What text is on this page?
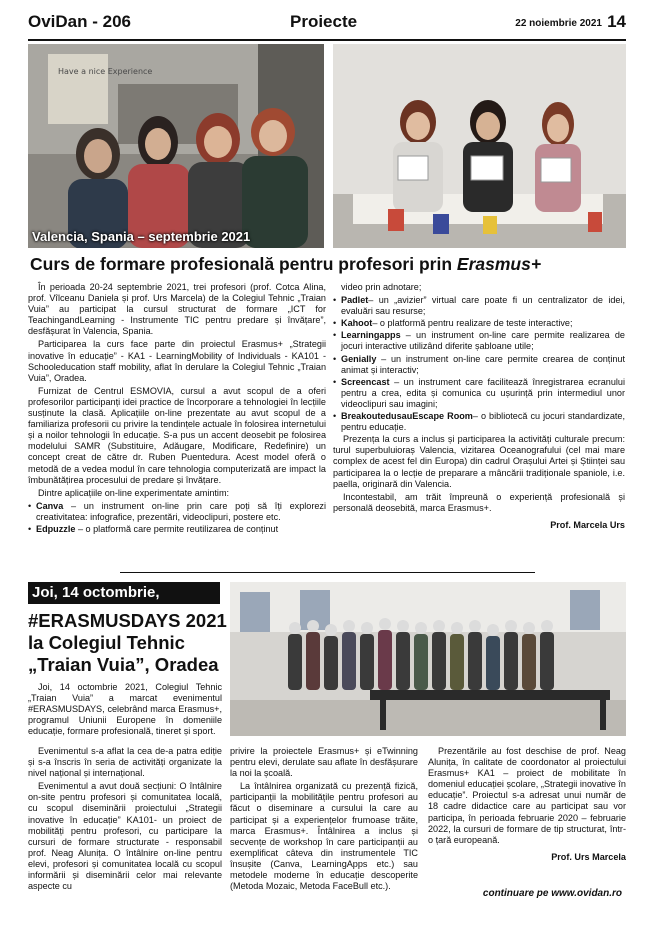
OviDan - 206	Proiecte	22 noiembrie 2021 14
Have a nice Experience
Valencia, Spania – septembrie 2021
Curs de formare profesională pentru profesori prin Erasmus+

În perioada 20-24 septembrie 2021, trei profesori (prof. Cotca Alina, prof. Vîlceanu Daniela și prof. Urs Marcela) de la Colegiul Tehnic „Traian Vuia” au participat la cursul structurat de formare „ICT for TeachingandLearning - Instrumente TIC pentru predare și învățare”, desfășurat în Valencia, Spania.

Participarea la curs face parte din proiectul Erasmus+ „Strategii inovative în educație” - KA1 - LearningMobility of Individuals - KA101 - Schooleducation staff mobility, aflat în derulare la Colegiul Tehnic „Traian Vuia”, Oradea.

Furnizat de Centrul ESMOVIA, cursul a avut scopul de a oferi profesorilor participanți idei practice de încorporare a tehnologiei în lecțiile susținute la clasă. Aplicațiile on-line prezentate au avut scopul de a familiariza profesorii cu privire la tendințele actuale în folosirea internetului și a noilor tehnologii în educație. S-a pus un accent deosebit pe folosirea modelului SAMR (Substituire, Adăugare, Modificare, Redefinire) un concept creat de către dr. Ruben Puentedura. Acest model oferă o metodă de a vedea modul în care tehnologia computerizată are impact la îmbunătățirea procesului de predare și învățare.

Dintre aplicațiile on-line experimentate amintim:

• Canva – un instrument on-line prin care poți să îți explorezi creativitatea: infografice, prezentări, videoclipuri, postere etc.
• Edpuzzle – o platformă care permite reutilizarea de conținut

video prin adnotare;

• Padlet– un „avizier” virtual care poate fi un centralizator de idei, evaluări sau resurse;
• Kahoot– o platformă pentru realizare de teste interactive;
• Learningapps – un instrument on-line care permite realizarea de jocuri interactive utilizând diferite șabloane utile;
• Genially – un instrument on-line care permite crearea de conținut animat și interactiv;
• Screencast – un instrument care facilitează înregistrarea ecranului pentru a crea, edita și comunica cu ușurință prin intermediul unor videoclipuri sau imagini;
• BreakoutedusauEscape Room– o bibliotecă cu jocuri standardizate, pentru educație.

Prezența la curs a inclus și participarea la activități culturale precum: turul superbuluioraș Valencia, vizitarea Oceanografului (cel mai mare complex de acest fel din Europa) din cadrul Orașului Artei și Științei sau participarea la o lecție de preparare a mâncării tradiționale spaniole, i.e. paella, originară din Valencia.

Incontestabil, am trăit împreună o experiență profesională și personală deosebită, marca Erasmus+.

Prof. Marcela Urs

Joi, 14 octombrie,
#ERASMUSDAYS 2021 la Colegiul Tehnic „Traian Vuia”, Oradea

Joi, 14 octombrie 2021, Colegiul Tehnic „Traian Vuia” a marcat evenimentul #ERASMUSDAYS, celebrând marca Erasmus+, programul Uniunii Europene în domeniile educație, formare profesională, tineret și sport.

Evenimentul s-a aflat la cea de-a patra ediție și s-a înscris în seria de activități organizate la nivel național și internațional.

Evenimentul a avut două secțiuni: O întâlnire on-site pentru profesori și comunitatea locală, cu scopul diseminării proiectului „Strategii inovative în educație” KA101- un proiect de mobilități pentru profesori, cu participare la cursuri de formare structurate - responsabil prof. Neag Alunița. O întâlnire on-line pentru elevi, profesori și comunitatea locală cu scopul informării și diseminării celor mai relevante aspecte cu

privire la proiectele Erasmus+ și eTwinning pentru elevi, derulate sau aflate în desfășurare la noi la școală.

La întâlnirea organizată cu prezență fizică, participanții la mobilitățile pentru profesori au făcut o diseminare a cursului la care au participat și a experiențelor frumoase trăite, marca Erasmus+. Întâlnirea a inclus și secvențe de workshop în care participanții au exemplificat câteva din instrumentele TIC însușite (Canva, LearningApps etc.) sau metodele moderne în educație descoperite (Metoda Mozaic, Metoda FaceBull etc.).

Prezentările au fost deschise de prof. Neag Alunița, în calitate de coordonator al proiectului Erasmus+ KA1 – proiect de mobilitate în domeniul educației școlare, „Strategii inovative în educație”. Proiectul s-a adresat unui număr de 18 cadre didactice care au participat sau vor participa, în perioada februarie 2020 – februarie 2022, la cursuri de formare de tip structurat, într-o țară europeană.

Prof. Urs Marcela

continuare pe www.ovidan.ro
